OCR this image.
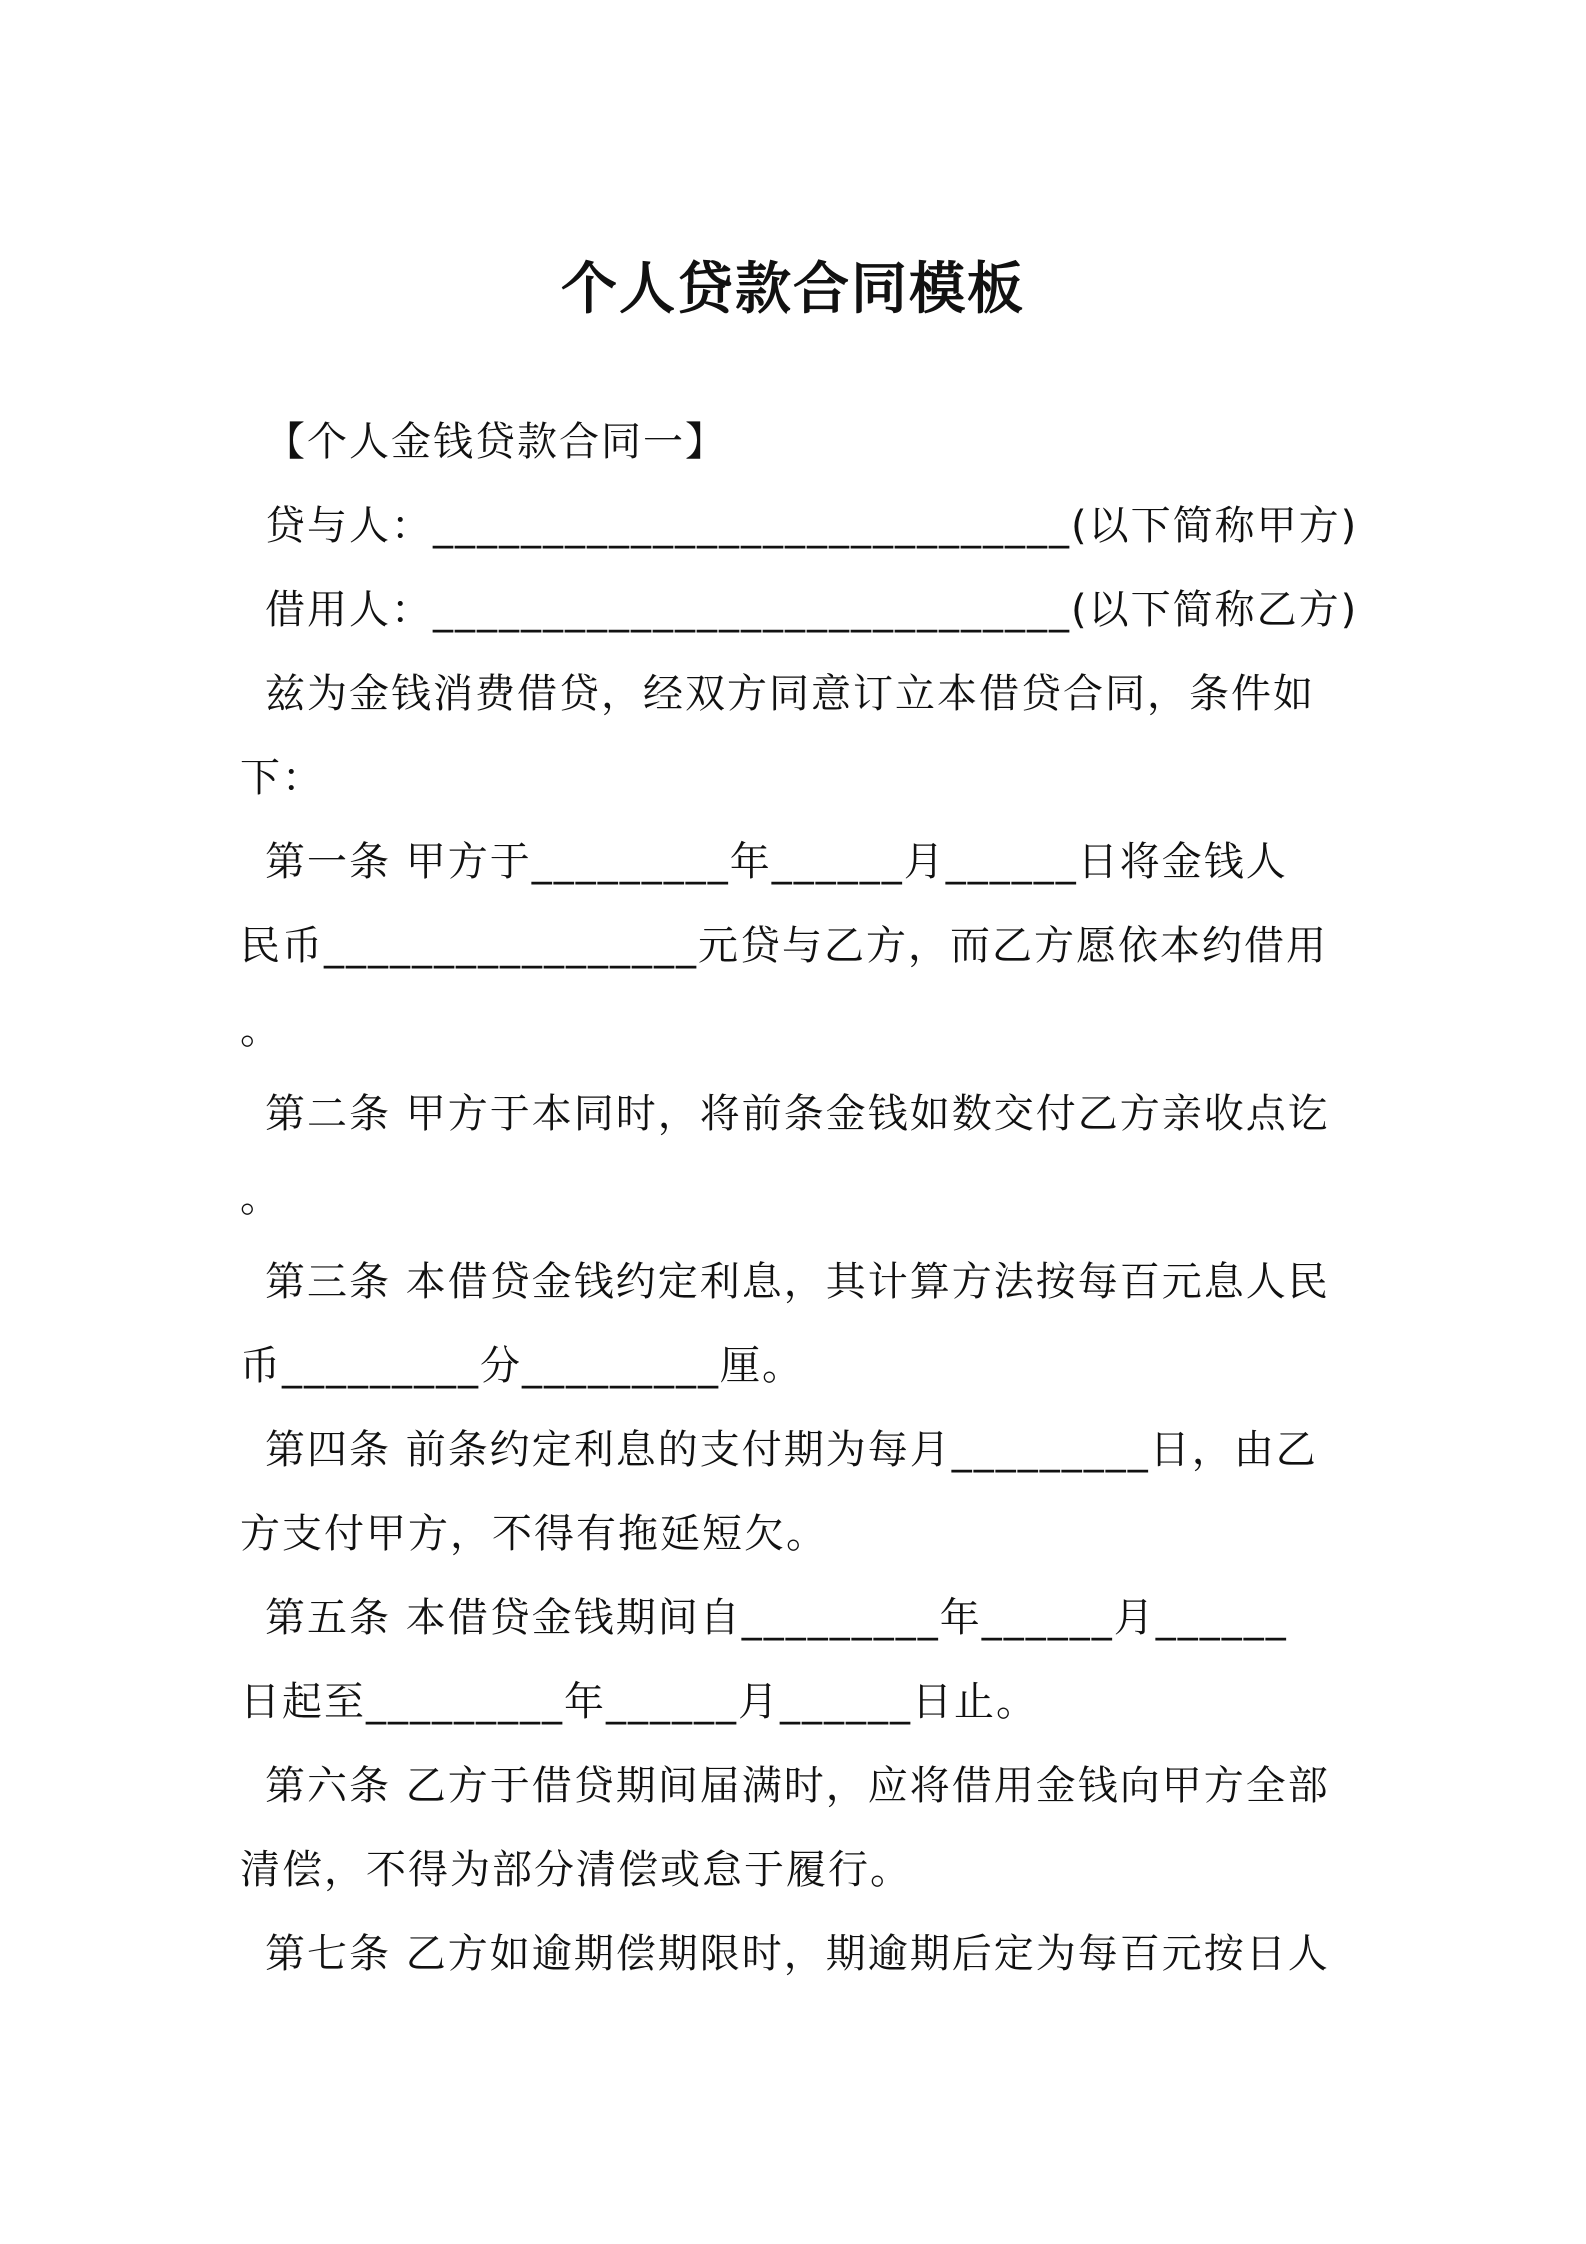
个人贷款合同模板
【个人金钱贷款合同一】
贷与人：_____________________________(以下简称甲方)
借用人：_____________________________(以下简称乙方)
兹为金钱消费借贷，经双方同意订立本借贷合同，条件如
下：
第一条 甲方于_________年______月______日将金钱人
民币_________________元贷与乙方，而乙方愿依本约借用
。
第二条 甲方于本同时，将前条金钱如数交付乙方亲收点讫
。
第三条 本借贷金钱约定利息，其计算方法按每百元息人民
币_________分_________厘。
第四条 前条约定利息的支付期为每月_________日，由乙
方支付甲方，不得有拖延短欠。
第五条 本借贷金钱期间自_________年______月______
日起至_________年______月______日止。
第六条 乙方于借贷期间届满时，应将借用金钱向甲方全部
清偿，不得为部分清偿或怠于履行。
第七条 乙方如逾期偿期限时，期逾期后定为每百元按日人
